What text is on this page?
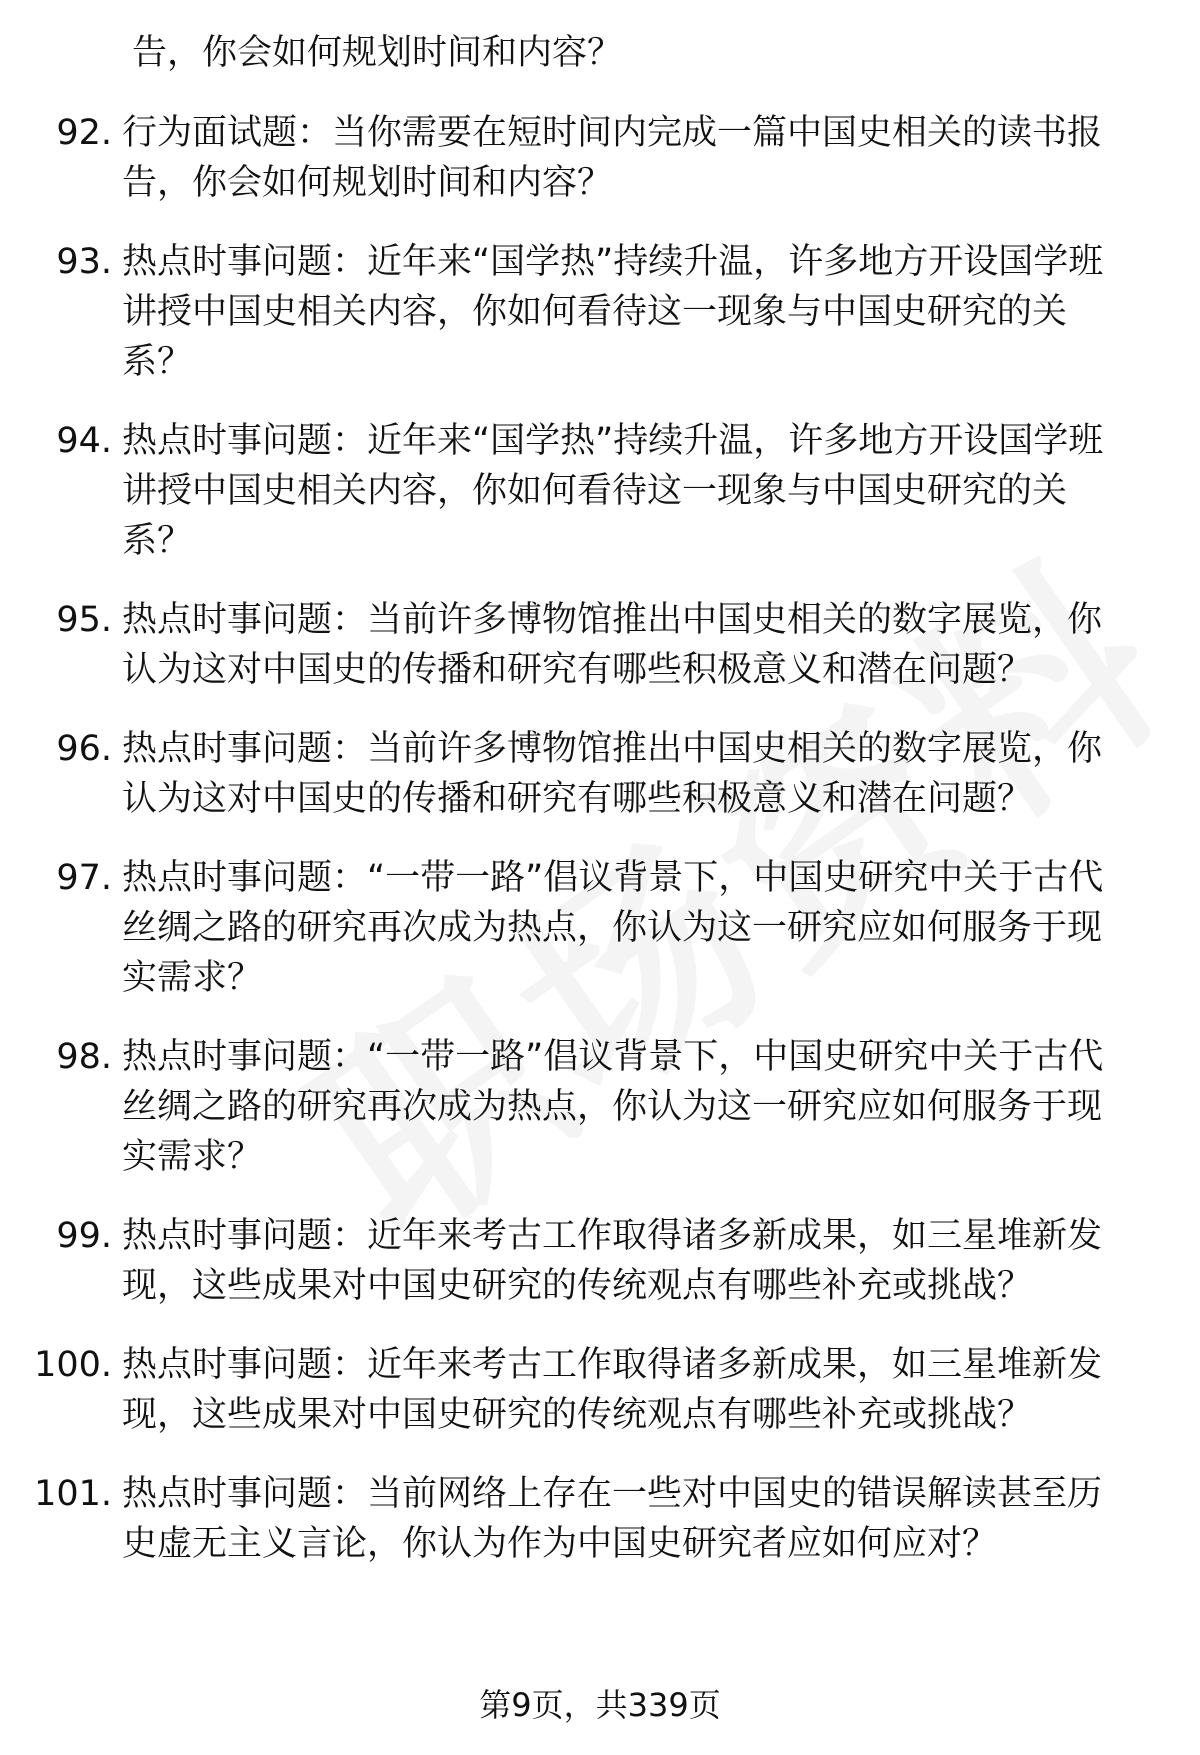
告，你会如何规划时间和内容？
92. 行为面试题：当你需要在短时间内完成一篇中国史相关的读书报告，你会如何规划时间和内容？
93. 热点时事问题：近年来“国学热”持续升温，许多地方开设国学班讲授中国史相关内容，你如何看待这一现象与中国史研究的关系？
94. 热点时事问题：近年来“国学热”持续升温，许多地方开设国学班讲授中国史相关内容，你如何看待这一现象与中国史研究的关系？
95. 热点时事问题：当前许多博物馆推出中国史相关的数字展览，你认为这对中国史的传播和研究有哪些积极意义和潜在问题？
96. 热点时事问题：当前许多博物馆推出中国史相关的数字展览，你认为这对中国史的传播和研究有哪些积极意义和潜在问题？
97. 热点时事问题：“一带一路”倡议背景下，中国史研究中关于古代丝绸之路的研究再次成为热点，你认为这一研究应如何服务于现实需求？
98. 热点时事问题：“一带一路”倡议背景下，中国史研究中关于古代丝绸之路的研究再次成为热点，你认为这一研究应如何服务于现实需求？
99. 热点时事问题：近年来考古工作取得诸多新成果，如三星堆新发现，这些成果对中国史研究的传统观点有哪些补充或挑战？
100. 热点时事问题：近年来考古工作取得诸多新成果，如三星堆新发现，这些成果对中国史研究的传统观点有哪些补充或挑战？
101. 热点时事问题：当前网络上存在一些对中国史的错误解读甚至历史虚无主义言论，你认为作为中国史研究者应如何应对？
第9页，共339页
